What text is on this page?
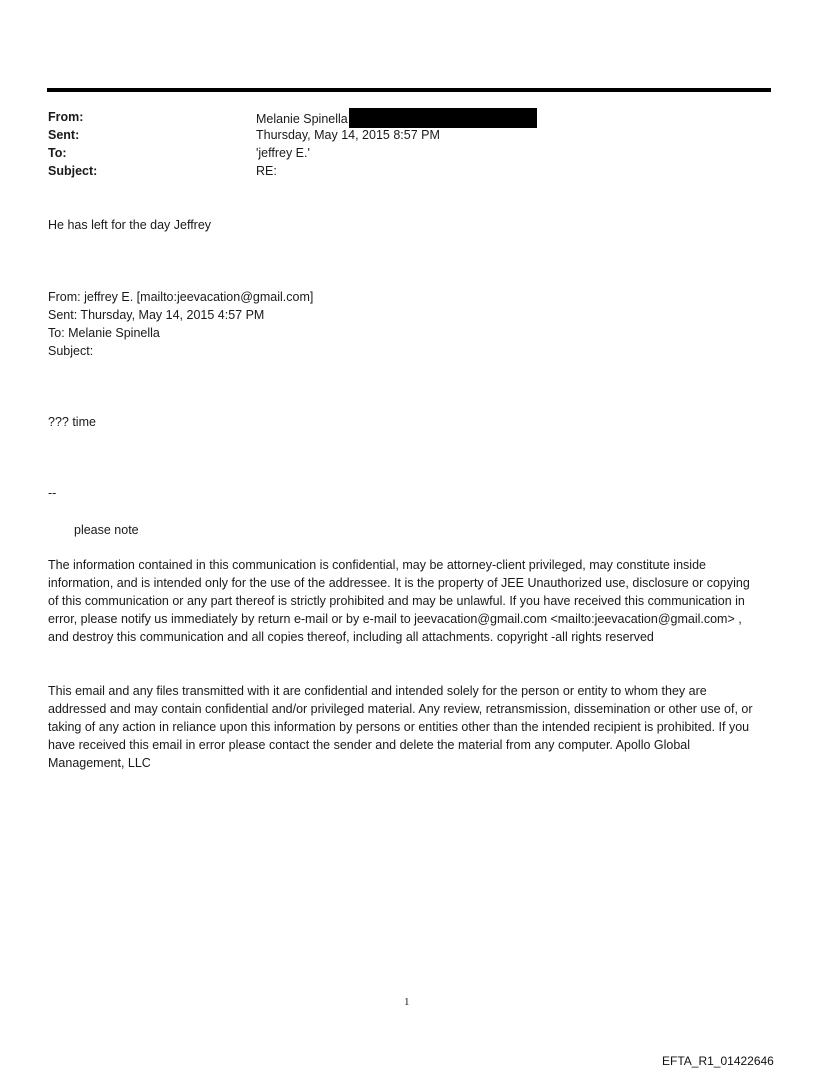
From:	Melanie Spinella
Sent:	Thursday, May 14, 2015 8:57 PM
To:	'jeffrey E.'
Subject:	RE:
He has left for the day Jeffrey
From: jeffrey E. [mailto:jeevacation@gmail.com]
Sent: Thursday, May 14, 2015 4:57 PM
To: Melanie Spinella
Subject:
??? time
--
please note
The information contained in this communication is confidential, may be attorney-client privileged, may constitute inside information, and is intended only for the use of the addressee. It is the property of JEE Unauthorized use, disclosure or copying of this communication or any part thereof is strictly prohibited and may be unlawful. If you have received this communication in error, please notify us immediately by return e-mail or by e-mail to jeevacation@gmail.com <mailto:jeevacation@gmail.com> , and destroy this communication and all copies thereof, including all attachments. copyright -all rights reserved
This email and any files transmitted with it are confidential and intended solely for the person or entity to whom they are addressed and may contain confidential and/or privileged material. Any review, retransmission, dissemination or other use of, or taking of any action in reliance upon this information by persons or entities other than the intended recipient is prohibited. If you have received this email in error please contact the sender and delete the material from any computer. Apollo Global Management, LLC
1
EFTA_R1_01422646
